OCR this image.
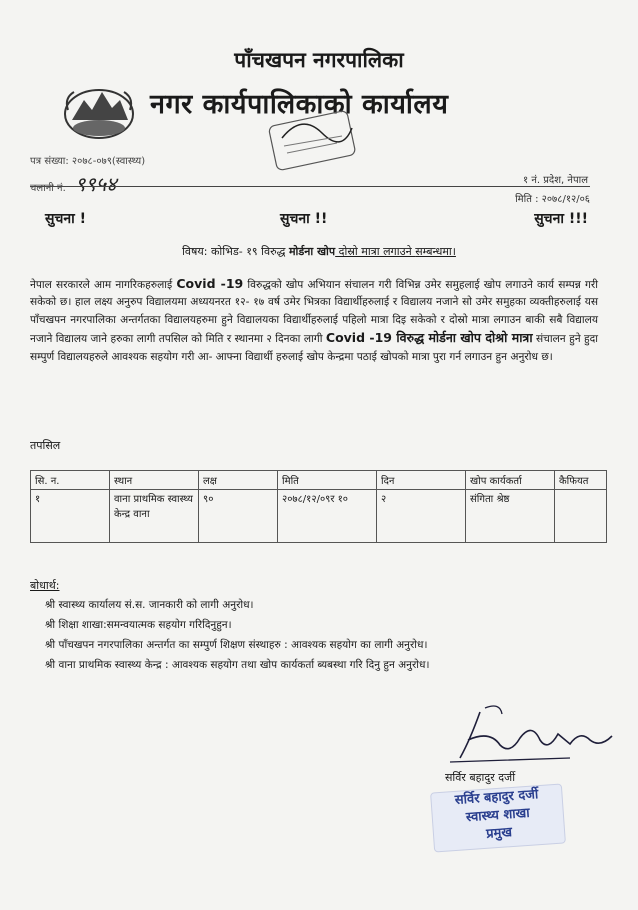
पाँचखपन नगरपालिका
नगर कार्यपालिकाको कार्यालय
पत्र संख्या: २०७८-०७९(स्वास्थ्य)
चलानी नं. ९९५४	१ नं. प्रदेश, नेपाल
मिति : २०७८/१२/०६
सुचना !	सुचना !!	सुचना !!!
विषय: कोभिड- १९ विरुद्ध मोर्डना खोप दोस्रो मात्रा लगाउने सम्बन्धमा।
नेपाल सरकारले आम नागरिकहरुलाई Covid -19 विरुद्धको खोप अभियान संचालन गरी विभिन्न उमेर समुहलाई खोप लगाउने कार्य सम्पन्न गरी सकेको छ। हाल लक्ष्य अनुरुप विद्यालयमा अध्ययनरत १२- १७ वर्ष उमेर भित्रका विद्यार्थीहरुलाई र विद्यालय नजाने सो उमेर समुहका व्यक्तीहरुलाई यस पाँचखपन नगरपालिका अन्तर्गतका विद्यालयहरुमा हुने विद्यालयका विद्यार्थीहरुलाई पहिलो मात्रा दिइ सकेको र दोस्रो मात्रा लगाउन बाकी सबै विद्यालय नजाने विद्यालय जाने हरुका लागी तपसिल को मिति र स्थानमा २ दिनका लागी Covid -19 विरुद्ध मोर्डना खोप दोश्रो मात्रा संचालन हुने हुदा सम्पुर्ण विद्यालयहरुले आवश्यक सहयोग गरी आ- आफ्ना विद्यार्थी हरुलाई खोप केन्द्रमा पठाई खोपको मात्रा पुरा गर्न लगाउन हुन अनुरोध छ।
तपसिल
सि. न.	स्थान	लक्ष	मिति	दिन	खोप कार्यकर्ता	कैफियत
१	वाना प्राथमिक स्वास्थ्य केन्द्र वाना	९०	२०७८/१२/०९र १०	२	संगिता श्रेष्ठ	
बोधार्थ:
श्री स्वास्थ्य कार्यालय सं.स. जानकारी को लागी अनुरोध।
श्री शिक्षा शाखा:समन्वयात्मक सहयोग गरिदिनुहुन।
श्री पाँचखपन नगरपालिका अन्तर्गत का सम्पुर्ण शिक्षण संस्थाहरु : आवश्यक सहयोग का लागी अनुरोध।
श्री वाना प्राथमिक स्वास्थ्य केन्द्र : आवश्यक सहयोग तथा खोप कार्यकर्ता ब्यबस्था गरि दिनु हुन अनुरोध।
सर्विर बहादुर दर्जी
सर्विर बहादुर दर्जी
स्वास्थ्य शाखा
प्रमुख
